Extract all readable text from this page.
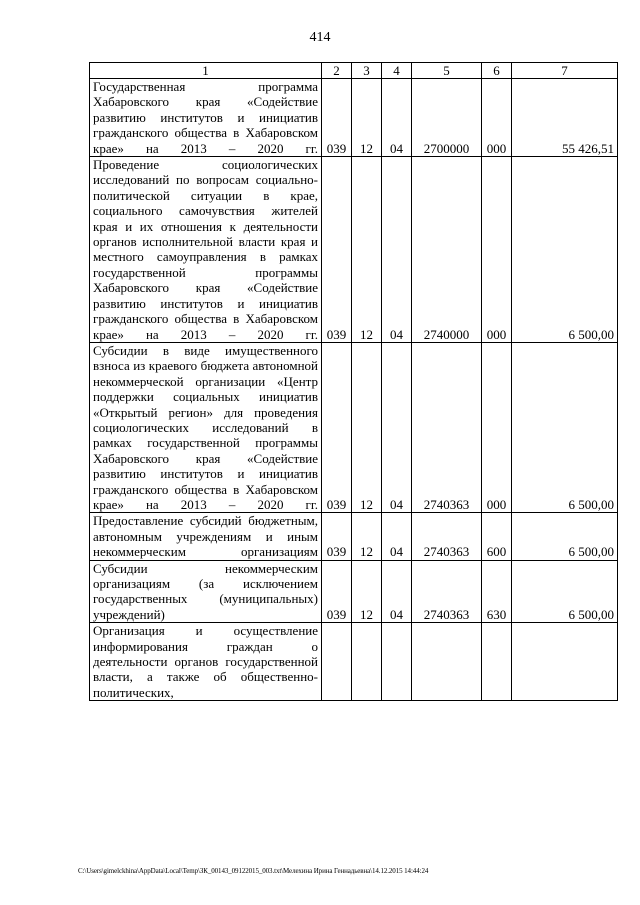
414
1	2	3	4	5	6	7
Государственная программа Хабаровского края «Содействие развитию институтов и инициатив гражданского общества в Хабаровском крае» на 2013 – 2020 гг.	039	12	04	2700000	000	55 426,51
Проведение социологических исследований по вопросам социально-политической ситуации в крае, социального самочувствия жителей края и их отношения к деятельности органов исполнительной власти края и местного самоуправления в рамках государственной программы Хабаровского края «Содействие развитию институтов и инициатив гражданского общества в Хабаровском крае» на 2013 – 2020 гг.	039	12	04	2740000	000	6 500,00
Субсидии в виде имущественного взноса из краевого бюджета автономной некоммерческой организации «Центр поддержки социальных инициатив «Открытый регион» для проведения социологических исследований в рамках государственной программы Хабаровского края «Содействие развитию институтов и инициатив гражданского общества в Хабаровском крае» на 2013 – 2020 гг.	039	12	04	2740363	000	6 500,00
Предоставление субсидий бюджетным, автономным учреждениям и иным некоммерческим организациям	039	12	04	2740363	600	6 500,00
Субсидии некоммерческим организациям (за исключением государственных (муниципальных) учреждений)	039	12	04	2740363	630	6 500,00
Организация и осуществление информирования граждан о деятельности органов государственной власти, а также об общественно-политических,						
C:\Users\gimelckhina\AppData\Local\Temp\ЗК_00143_09122015_003.txt\Мелехина Ирина Геннадьевна\14.12.2015 14:44:24
